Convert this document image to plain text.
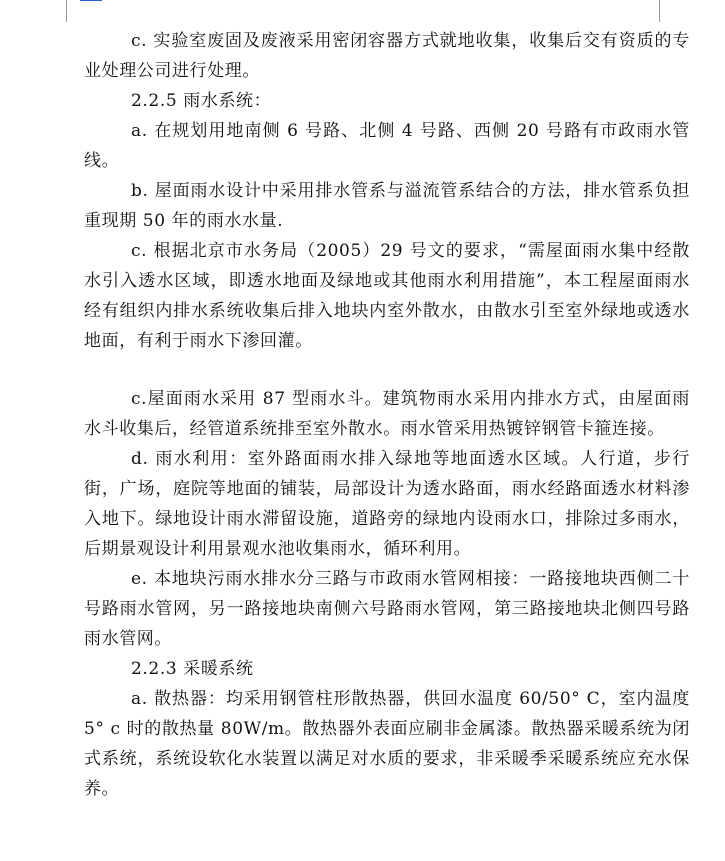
c. 实验室废固及废液采用密闭容器方式就地收集，收集后交有资质的专业处理公司进行处理。

2.2.5 雨水系统：

a. 在规划用地南侧 6 号路、北侧 4 号路、西侧 20 号路有市政雨水管线。

b. 屋面雨水设计中采用排水管系与溢流管系结合的方法，排水管系负担重现期 50 年的雨水水量.

c. 根据北京市水务局（2005）29 号文的要求，“需屋面雨水集中经散水引入透水区域，即透水地面及绿地或其他雨水利用措施”，本工程屋面雨水经有组织内排水系统收集后排入地块内室外散水，由散水引至室外绿地或透水地面，有利于雨水下渗回灌。

c.屋面雨水采用 87 型雨水斗。建筑物雨水采用内排水方式，由屋面雨水斗收集后，经管道系统排至室外散水。雨水管采用热镀锌钢管卡箍连接。

d. 雨水利用：室外路面雨水排入绿地等地面透水区域。人行道，步行街，广场，庭院等地面的铺装，局部设计为透水路面，雨水经路面透水材料渗入地下。绿地设计雨水滞留设施，道路旁的绿地内设雨水口，排除过多雨水，后期景观设计利用景观水池收集雨水，循环利用。

e. 本地块污雨水排水分三路与市政雨水管网相接：一路接地块西侧二十号路雨水管网，另一路接地块南侧六号路雨水管网，第三路接地块北侧四号路雨水管网。

2.2.3 采暖系统

a. 散热器：均采用钢管柱形散热器，供回水温度 60/50° C，室内温度5° c 时的散热量 80W/m。散热器外表面应刷非金属漆。散热器采暖系统为闭式系统，系统设软化水装置以满足对水质的要求，非采暖季采暖系统应充水保养。
